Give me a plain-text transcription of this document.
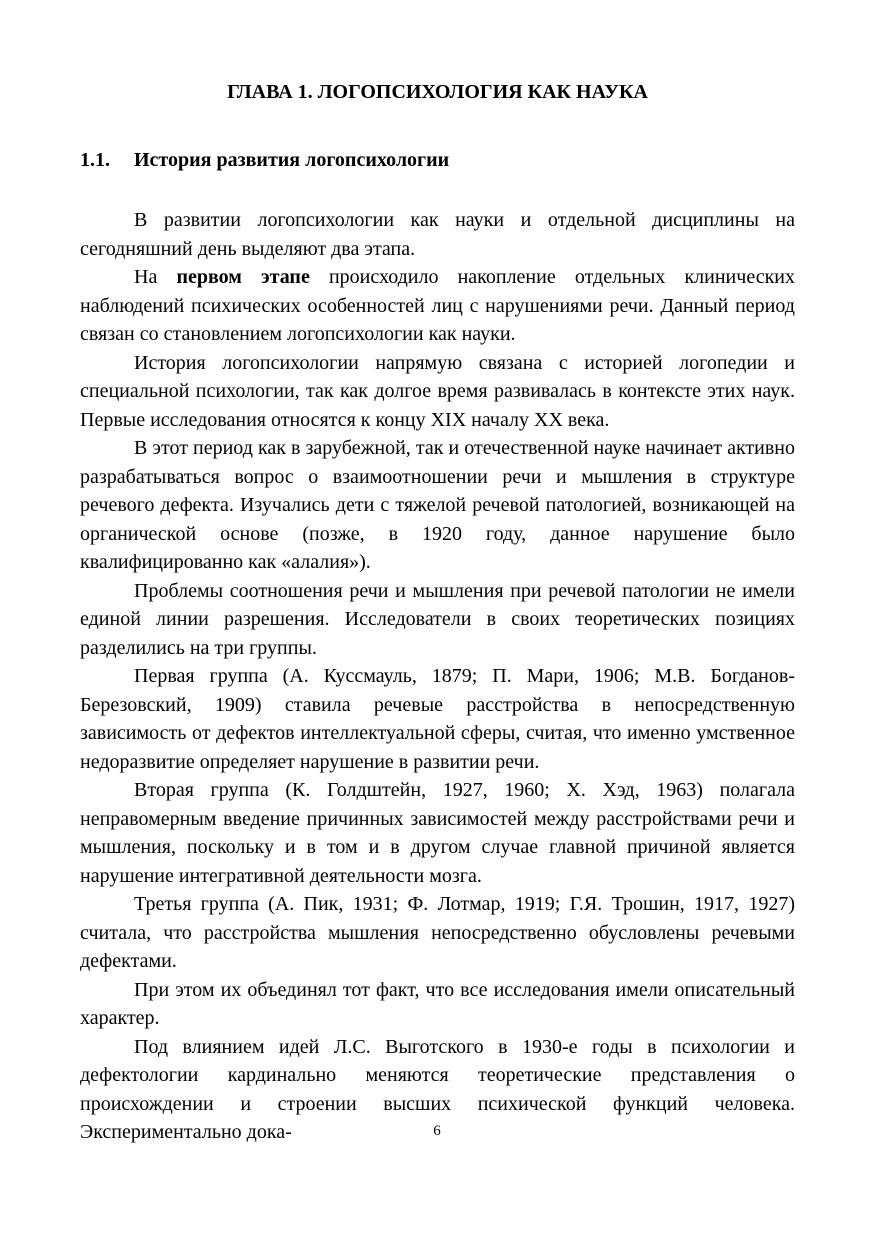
ГЛАВА 1. ЛОГОПСИХОЛОГИЯ КАК НАУКА
1.1. История развития логопсихологии

В развитии логопсихологии как науки и отдельной дисциплины на сегодняшний день выделяют два этапа.

На первом этапе происходило накопление отдельных клинических наблюдений психических особенностей лиц с нарушениями речи. Данный период связан со становлением логопсихологии как науки.

История логопсихологии напрямую связана с историей логопедии и специальной психологии, так как долгое время развивалась в контексте этих наук. Первые исследования относятся к концу XIX началу XX века.

В этот период как в зарубежной, так и отечественной науке начинает активно разрабатываться вопрос о взаимоотношении речи и мышления в структуре речевого дефекта. Изучались дети с тяжелой речевой патологией, возникающей на органической основе (позже, в 1920 году, данное нарушение было квалифицированно как «алалия»).

Проблемы соотношения речи и мышления при речевой патологии не имели единой линии разрешения. Исследователи в своих теоретических позициях разделились на три группы.

Первая группа (А. Куссмауль, 1879; П. Мари, 1906; М.В. Богданов-Березовский, 1909) ставила речевые расстройства в непосредственную зависимость от дефектов интеллектуальной сферы, считая, что именно умственное недоразвитие определяет нарушение в развитии речи.

Вторая группа (К. Голдштейн, 1927, 1960; Х. Хэд, 1963) полагала неправомерным введение причинных зависимостей между расстройствами речи и мышления, поскольку и в том и в другом случае главной причиной является нарушение интегративной деятельности мозга.

Третья группа (А. Пик, 1931; Ф. Лотмар, 1919; Г.Я. Трошин, 1917, 1927) считала, что расстройства мышления непосредственно обусловлены речевыми дефектами.

При этом их объединял тот факт, что все исследования имели описательный характер.

Под влиянием идей Л.С. Выготского в 1930-е годы в психологии и дефектологии кардинально меняются теоретические представления о происхождении и строении высших психической функций человека. Экспериментально дока-	6
